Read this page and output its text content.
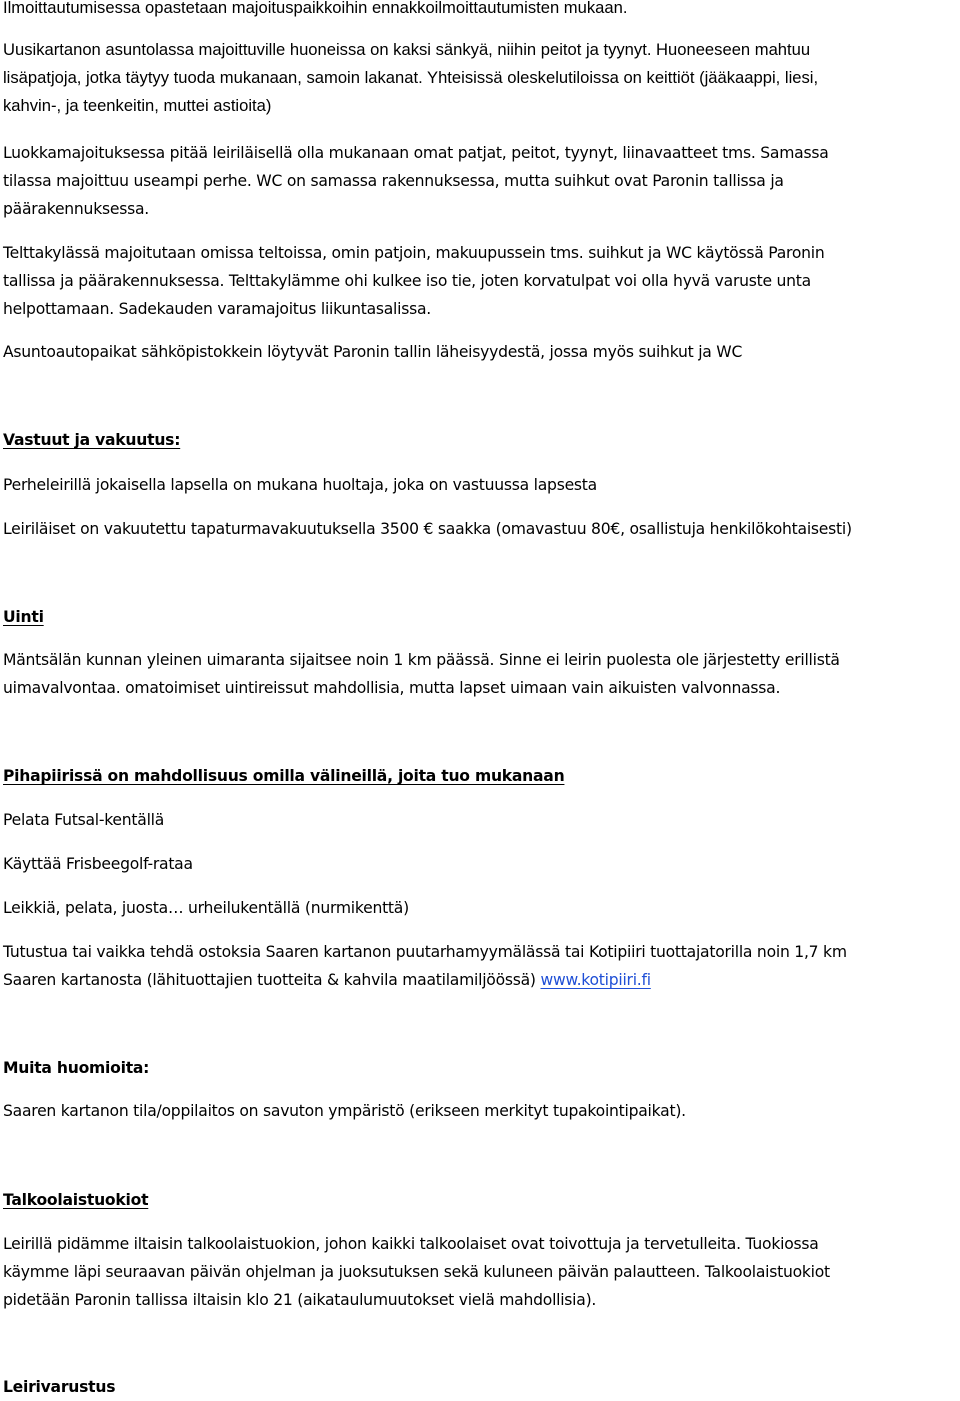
Ilmoittautumisessa opastetaan majoituspaikkoihin ennakkoilmoittautumisten mukaan.

Uusikartanon asuntolassa majoittuville huoneissa on kaksi sänkyä, niihin peitot ja tyynyt. Huoneeseen mahtuu
lisäpatjoja, jotka täytyy tuoda mukanaan, samoin lakanat. Yhteisissä oleskelutiloissa on keittiöt (jääkaappi, liesi,
kahvin-, ja teenkeitin, muttei astioita)

Luokkamajoituksessa pitää leiriläisellä olla mukanaan omat patjat, peitot, tyynyt, liinavaatteet tms. Samassa
tilassa majoittuu useampi perhe. WC on samassa rakennuksessa, mutta suihkut ovat Paronin tallissa ja
päärakennuksessa.

Telttakylässä majoitutaan omissa teltoissa, omin patjoin, makuupussein tms. suihkut ja WC käytössä Paronin
tallissa ja päärakennuksessa. Telttakylämme ohi kulkee iso tie, joten korvatulpat voi olla hyvä varuste unta
helpottamaan. Sadekauden varamajoitus liikuntasalissa.

Asuntoautopaikat sähköpistokkein löytyvät Paronin tallin läheisyydestä, jossa myös suihkut ja WC

Vastuut ja vakuutus:

Perheleirillä jokaisella lapsella on mukana huoltaja, joka on vastuussa lapsesta

Leiriläiset on vakuutettu tapaturmavakuutuksella 3500 € saakka (omavastuu 80€, osallistuja henkilökohtaisesti)

Uinti

Mäntsälän kunnan yleinen uimaranta sijaitsee noin 1 km päässä. Sinne ei leirin puolesta ole järjestetty erillistä
uimavalvontaa. omatoimiset uintireissut mahdollisia, mutta lapset uimaan vain aikuisten valvonnassa.

Pihapiirissä on mahdollisuus omilla välineillä, joita tuo mukanaan

Pelata Futsal-kentällä

Käyttää Frisbeegolf-rataa

Leikkiä, pelata, juosta… urheilukentällä (nurmikenttä)

Tutustua tai vaikka tehdä ostoksia Saaren kartanon puutarhamyymälässä tai Kotipiiri tuottajatorilla noin 1,7 km
Saaren kartanosta (lähituottajien tuotteita & kahvila maatilamiljöössä) www.kotipiiri.fi

Muita huomioita:

Saaren kartanon tila/oppilaitos on savuton ympäristö (erikseen merkityt tupakointipaikat).

Talkoolaistuokiot

Leirillä pidämme iltaisin talkoolaistuokion, johon kaikki talkoolaiset ovat toivottuja ja tervetulleita. Tuokiossa
käymme läpi seuraavan päivän ohjelman ja juoksutuksen sekä kuluneen päivän palautteen. Talkoolaistuokiot
pidetään Paronin tallissa iltaisin klo 21 (aikataulumuutokset vielä mahdollisia).

Leirivarustus
